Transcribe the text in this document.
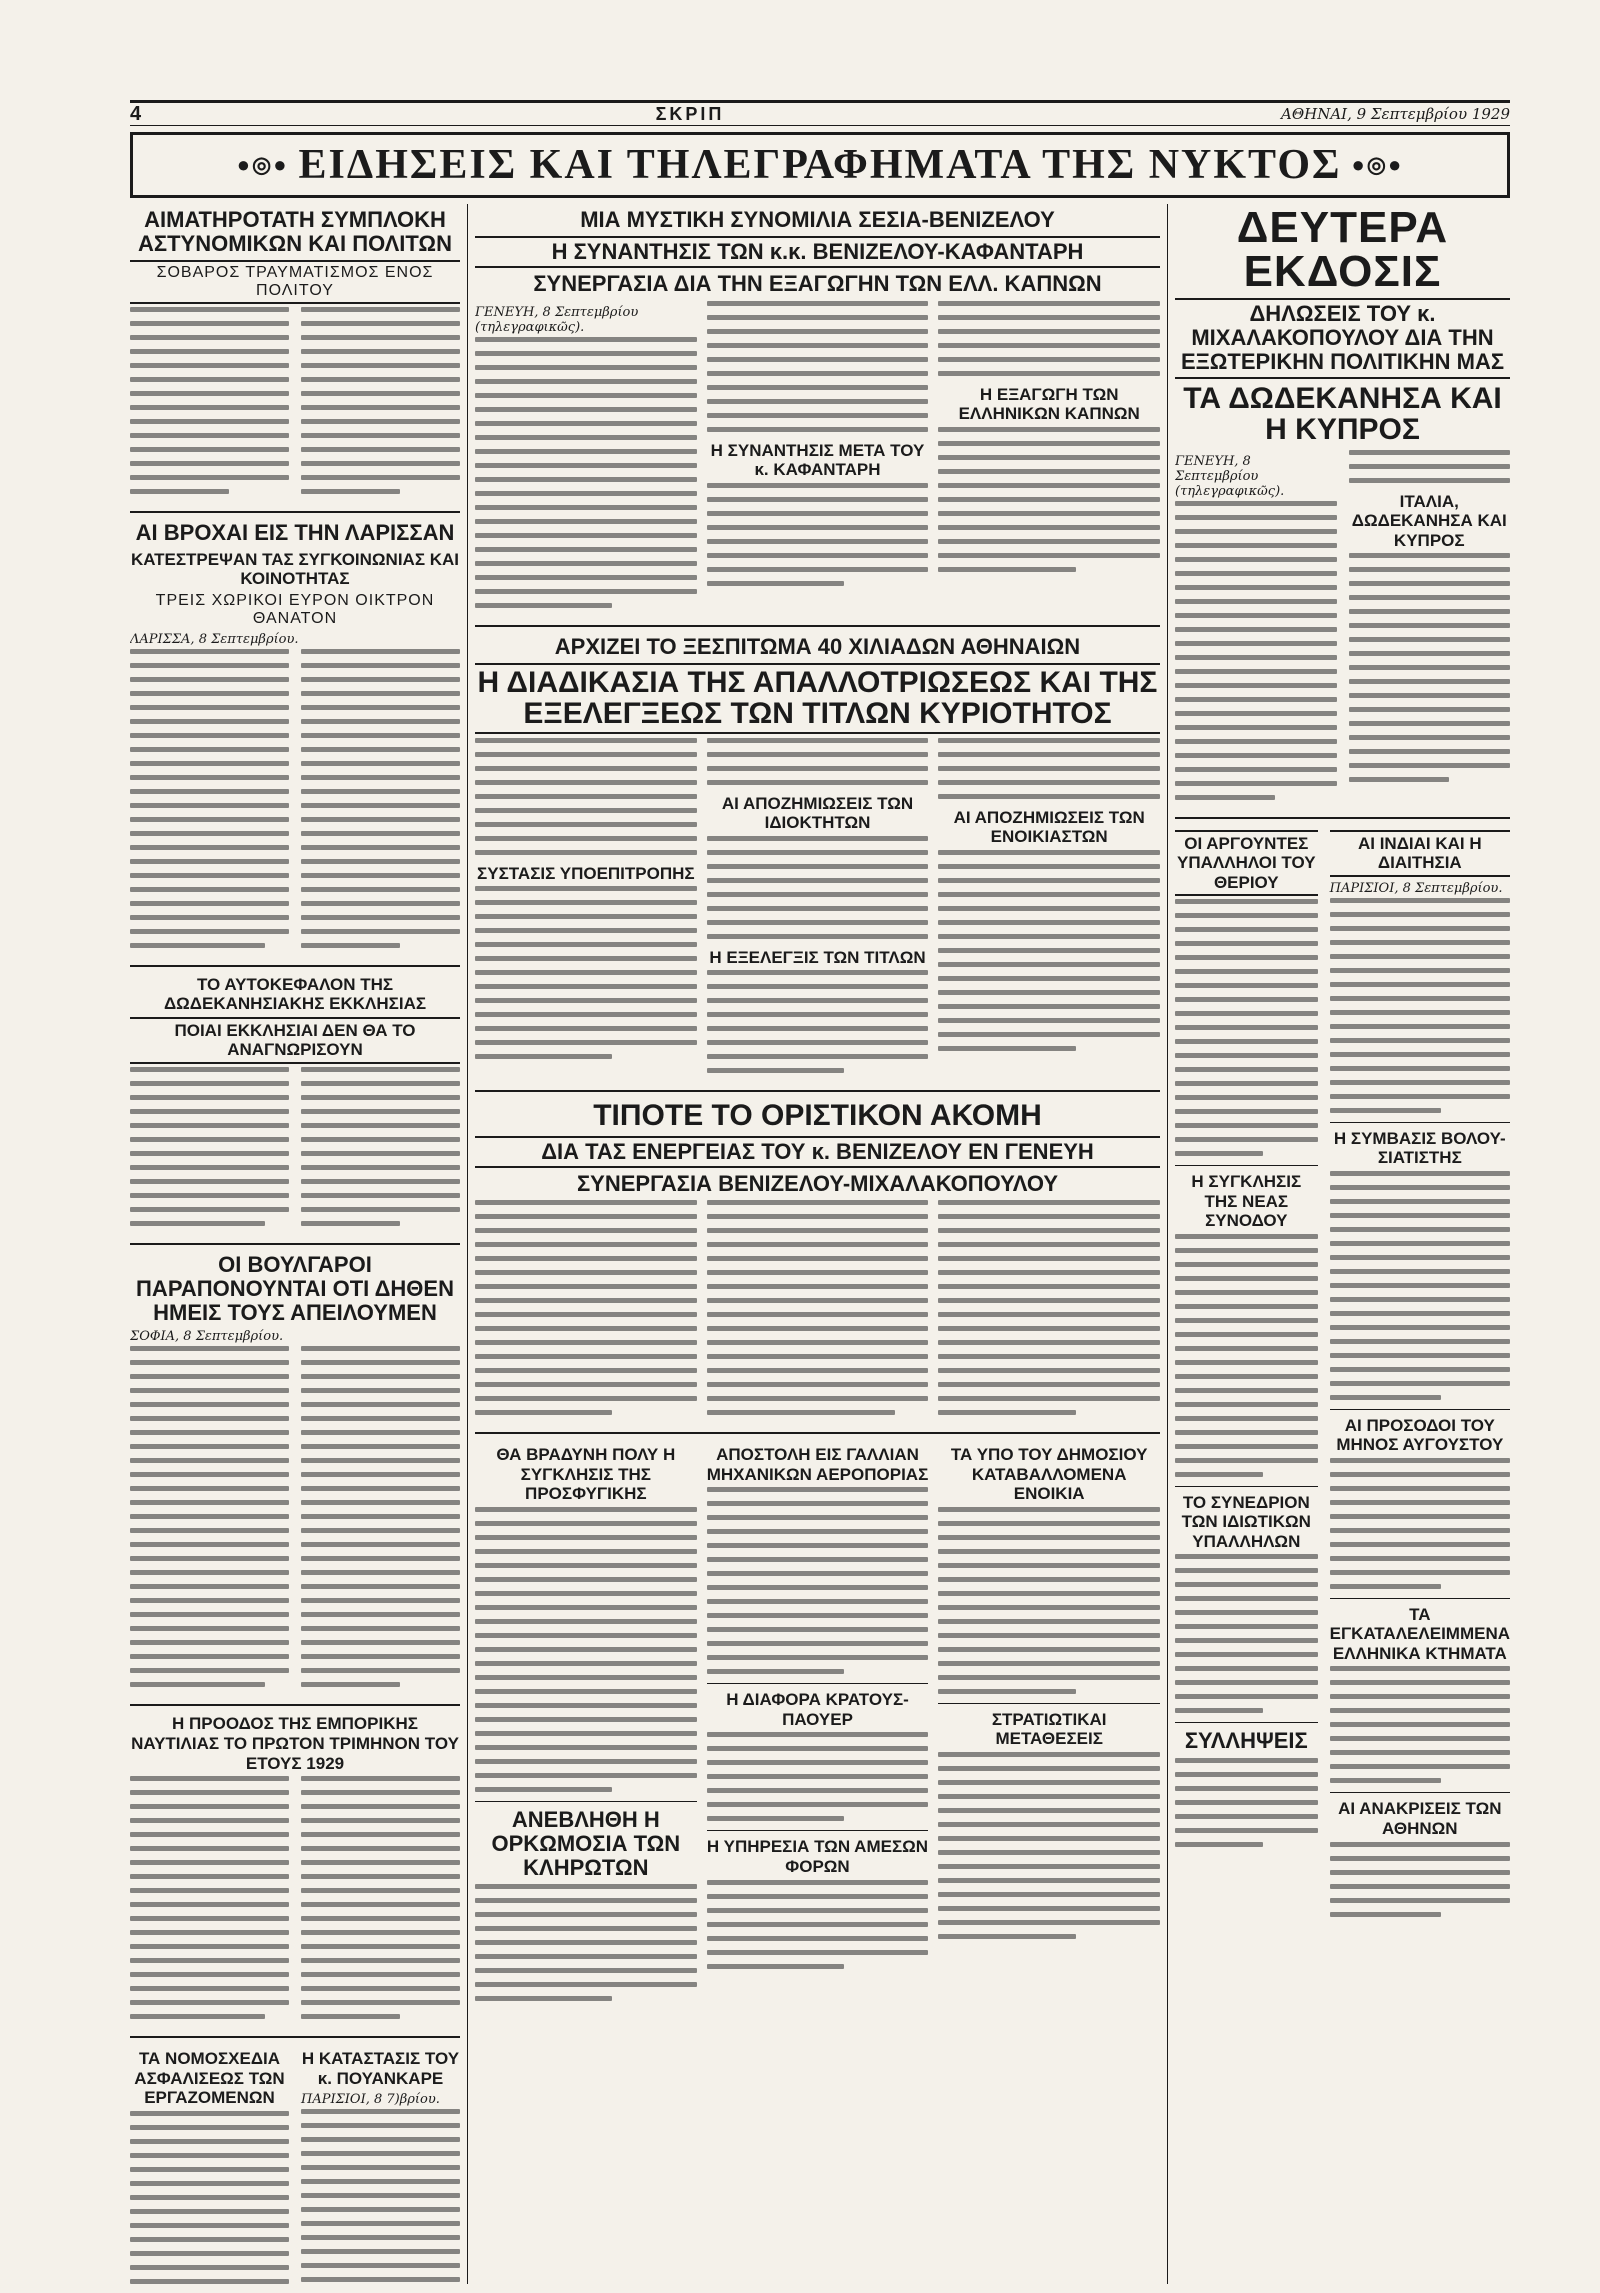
4	ΣΚΡΙΠ	ΑΘΗΝΑΙ, 9 Σεπτεμβρίου 1929
●◎● ΕΙΔΗΣΕΙΣ ΚΑΙ ΤΗΛΕΓΡΑΦΗΜΑΤΑ ΤΗΣ ΝΥΚΤΟΣ ●◎●
ΑΙΜΑΤΗΡΟΤΑΤΗ ΣΥΜΠΛΟΚΗ ΑΣΤΥΝΟΜΙΚΩΝ ΚΑΙ ΠΟΛΙΤΩΝ
ΣΟΒΑΡΟΣ ΤΡΑΥΜΑΤΙΣΜΟΣ ΕΝΟΣ ΠΟΛΙΤΟΥ
ΑΙ ΒΡΟΧΑΙ ΕΙΣ ΤΗΝ ΛΑΡΙΣΣΑΝ
ΚΑΤΕΣΤΡΕΨΑΝ ΤΑΣ ΣΥΓΚΟΙΝΩΝΙΑΣ ΚΑΙ ΚΟΙΝΟΤΗΤΑΣ
ΤΡΕΙΣ ΧΩΡΙΚΟΙ ΕΥΡΟΝ ΟΙΚΤΡΟΝ ΘΑΝΑΤΟΝ
ΛΑΡΙΣΣΑ, 8 Σεπτεμβρίου.
ΤΟ ΑΥΤΟΚΕΦΑΛΟΝ ΤΗΣ ΔΩΔΕΚΑΝΗΣΙΑΚΗΣ ΕΚΚΛΗΣΙΑΣ
ΠΟΙΑΙ ΕΚΚΛΗΣΙΑΙ ΔΕΝ ΘΑ ΤΟ ΑΝΑΓΝΩΡΙΣΟΥΝ
ΟΙ ΒΟΥΛΓΑΡΟΙ ΠΑΡΑΠΟΝΟΥΝΤΑΙ ΟΤΙ ΔΗΘΕΝ ΗΜΕΙΣ ΤΟΥΣ ΑΠΕΙΛΟΥΜΕΝ
ΣΟΦΙΑ, 8 Σεπτεμβρίου.
Η ΠΡΟΟΔΟΣ ΤΗΣ ΕΜΠΟΡΙΚΗΣ ΝΑΥΤΙΛΙΑΣ ΤΟ ΠΡΩΤΟΝ ΤΡΙΜΗΝΟΝ ΤΟΥ ΕΤΟΥΣ 1929
ΤΑ ΝΟΜΟΣΧΕΔΙΑ ΑΣΦΑΛΙΣΕΩΣ ΤΩΝ ΕΡΓΑΖΟΜΕΝΩΝ
Η ΚΑΤΑΣΤΑΣΙΣ ΤΟΥ κ. ΠΟΥΑΝΚΑΡΕ
ΠΑΡΙΣΙΟΙ, 8 7)βρίου.
ΜΙΑ ΜΥΣΤΙΚΗ ΣΥΝΟΜΙΛΙΑ ΣΕΣΙΑ-ΒΕΝΙΖΕΛΟΥ
Η ΣΥΝΑΝΤΗΣΙΣ ΤΩΝ κ.κ. ΒΕΝΙΖΕΛΟΥ-ΚΑΦΑΝΤΑΡΗ
ΣΥΝΕΡΓΑΣΙΑ ΔΙΑ ΤΗΝ ΕΞΑΓΩΓΗΝ ΤΩΝ ΕΛΛ. ΚΑΠΝΩΝ
ΓΕΝΕΥΗ, 8 Σεπτεμβρίου (τηλεγραφικῶς).
Η ΣΥΝΑΝΤΗΣΙΣ ΜΕΤΑ ΤΟΥ κ. ΚΑΦΑΝΤΑΡΗ
Η ΕΞΑΓΩΓΗ ΤΩΝ ΕΛΛΗΝΙΚΩΝ ΚΑΠΝΩΝ
ΑΡΧΙΖΕΙ ΤΟ ΞΕΣΠΙΤΩΜΑ 40 ΧΙΛΙΑΔΩΝ ΑΘΗΝΑΙΩΝ
Η ΔΙΑΔΙΚΑΣΙΑ ΤΗΣ ΑΠΑΛΛΟΤΡΙΩΣΕΩΣ ΚΑΙ ΤΗΣ ΕΞΕΛΕΓΞΕΩΣ ΤΩΝ ΤΙΤΛΩΝ ΚΥΡΙΟΤΗΤΟΣ
ΣΥΣΤΑΣΙΣ ΥΠΟΕΠΙΤΡΟΠΗΣ
ΑΙ ΑΠΟΖΗΜΙΩΣΕΙΣ ΤΩΝ ΙΔΙΟΚΤΗΤΩΝ
Η ΕΞΕΛΕΓΞΙΣ ΤΩΝ ΤΙΤΛΩΝ
ΑΙ ΑΠΟΖΗΜΙΩΣΕΙΣ ΤΩΝ ΕΝΟΙΚΙΑΣΤΩΝ
ΤΙΠΟΤΕ ΤΟ ΟΡΙΣΤΙΚΟΝ ΑΚΟΜΗ
ΔΙΑ ΤΑΣ ΕΝΕΡΓΕΙΑΣ ΤΟΥ κ. ΒΕΝΙΖΕΛΟΥ ΕΝ ΓΕΝΕΥΗ
ΣΥΝΕΡΓΑΣΙΑ ΒΕΝΙΖΕΛΟΥ-ΜΙΧΑΛΑΚΟΠΟΥΛΟΥ
ΘΑ ΒΡΑΔΥΝΗ ΠΟΛΥ Η ΣΥΓΚΛΗΣΙΣ ΤΗΣ ΠΡΟΣΦΥΓΙΚΗΣ
ΑΝΕΒΛΗΘΗ Η ΟΡΚΩΜΟΣΙΑ ΤΩΝ ΚΛΗΡΩΤΩΝ
ΑΠΟΣΤΟΛΗ ΕΙΣ ΓΑΛΛΙΑΝ ΜΗΧΑΝΙΚΩΝ ΑΕΡΟΠΟΡΙΑΣ
Η ΔΙΑΦΟΡΑ ΚΡΑΤΟΥΣ-ΠΑΟΥΕΡ
Η ΥΠΗΡΕΣΙΑ ΤΩΝ ΑΜΕΣΩΝ ΦΟΡΩΝ
ΤΑ ΥΠΟ ΤΟΥ ΔΗΜΟΣΙΟΥ ΚΑΤΑΒΑΛΛΟΜΕΝΑ ΕΝΟΙΚΙΑ
ΣΤΡΑΤΙΩΤΙΚΑΙ ΜΕΤΑΘΕΣΕΙΣ
ΔΕΥΤΕΡΑ ΕΚΔΟΣΙΣ
ΔΗΛΩΣΕΙΣ ΤΟΥ κ. ΜΙΧΑΛΑΚΟΠΟΥΛΟΥ ΔΙΑ ΤΗΝ ΕΞΩΤΕΡΙΚΗΝ ΠΟΛΙΤΙΚΗΝ ΜΑΣ
ΤΑ ΔΩΔΕΚΑΝΗΣΑ ΚΑΙ Η ΚΥΠΡΟΣ
ΓΕΝΕΥΗ, 8 Σεπτεμβρίου (τηλεγραφικῶς).
ΙΤΑΛΙΑ, ΔΩΔΕΚΑΝΗΣΑ ΚΑΙ ΚΥΠΡΟΣ
ΟΙ ΑΡΓΟΥΝΤΕΣ ΥΠΑΛΛΗΛΟΙ ΤΟΥ ΘΕΡΙΟΥ
Η ΣΥΓΚΛΗΣΙΣ ΤΗΣ ΝΕΑΣ ΣΥΝΟΔΟΥ
ΤΟ ΣΥΝΕΔΡΙΟΝ ΤΩΝ ΙΔΙΩΤΙΚΩΝ ΥΠΑΛΛΗΛΩΝ
ΣΥΛΛΗΨΕΙΣ
ΑΙ ΙΝΔΙΑΙ ΚΑΙ Η ΔΙΑΙΤΗΣΙΑ
ΠΑΡΙΣΙΟΙ, 8 Σεπτεμβρίου.
Η ΣΥΜΒΑΣΙΣ ΒΟΛΟΥ-ΣΙΑΤΙΣΤΗΣ
ΑΙ ΠΡΟΣΟΔΟΙ ΤΟΥ ΜΗΝΟΣ ΑΥΓΟΥΣΤΟΥ
ΤΑ ΕΓΚΑΤΑΛΕΛΕΙΜΜΕΝΑ ΕΛΛΗΝΙΚΑ ΚΤΗΜΑΤΑ
ΑΙ ΑΝΑΚΡΙΣΕΙΣ ΤΩΝ ΑΘΗΝΩΝ
